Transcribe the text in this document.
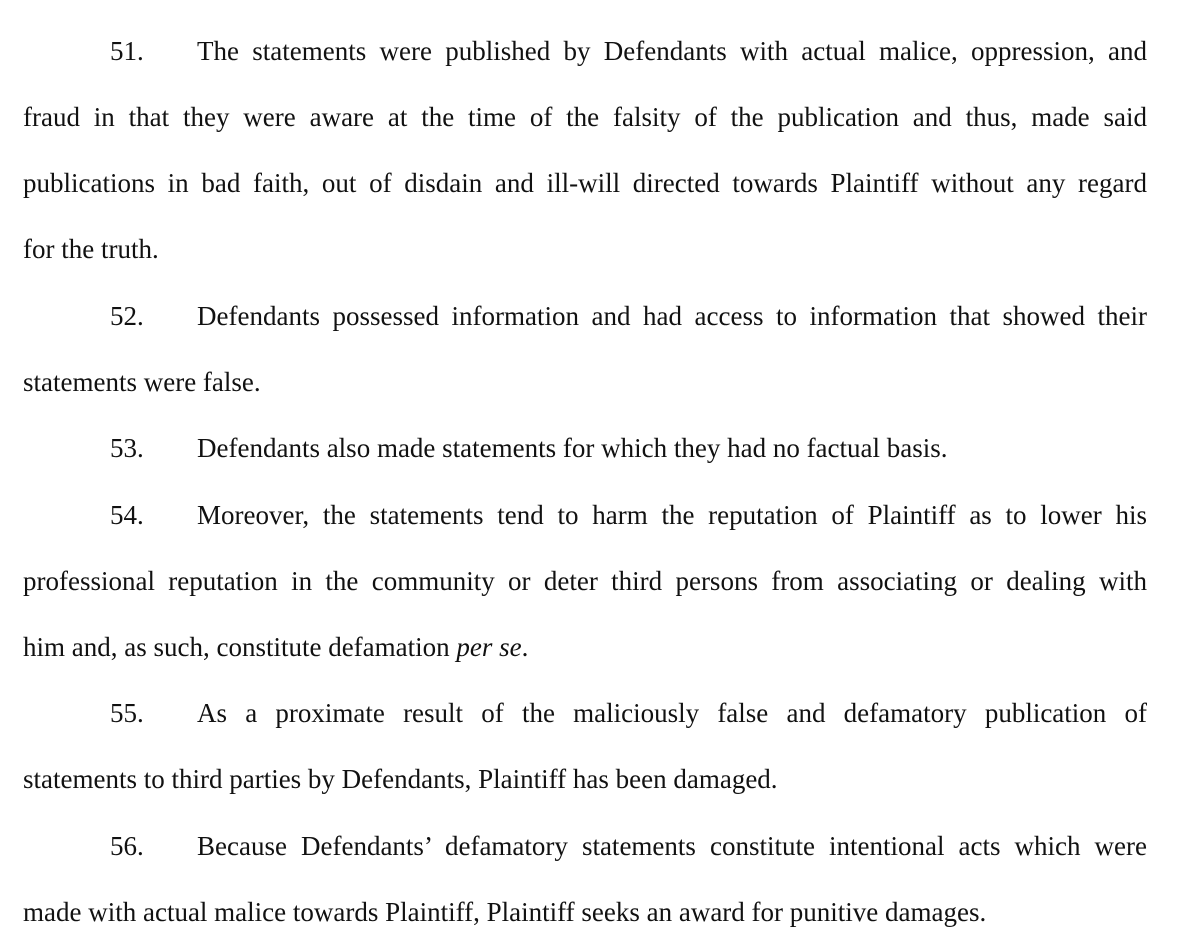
51.	The statements were published by Defendants with actual malice, oppression, and
fraud in that they were aware at the time of the falsity of the publication and thus, made said
publications in bad faith, out of disdain and ill-will directed towards Plaintiff without any regard
for the truth.
52.	Defendants possessed information and had access to information that showed their
statements were false.
53.	Defendants also made statements for which they had no factual basis.
54.	Moreover, the statements tend to harm the reputation of Plaintiff as to lower his
professional reputation in the community or deter third persons from associating or dealing with
him and, as such, constitute defamation per se.
55.	As a proximate result of the maliciously false and defamatory publication of
statements to third parties by Defendants, Plaintiff has been damaged.
56.	Because Defendants’ defamatory statements constitute intentional acts which were
made with actual malice towards Plaintiff, Plaintiff seeks an award for punitive damages.
